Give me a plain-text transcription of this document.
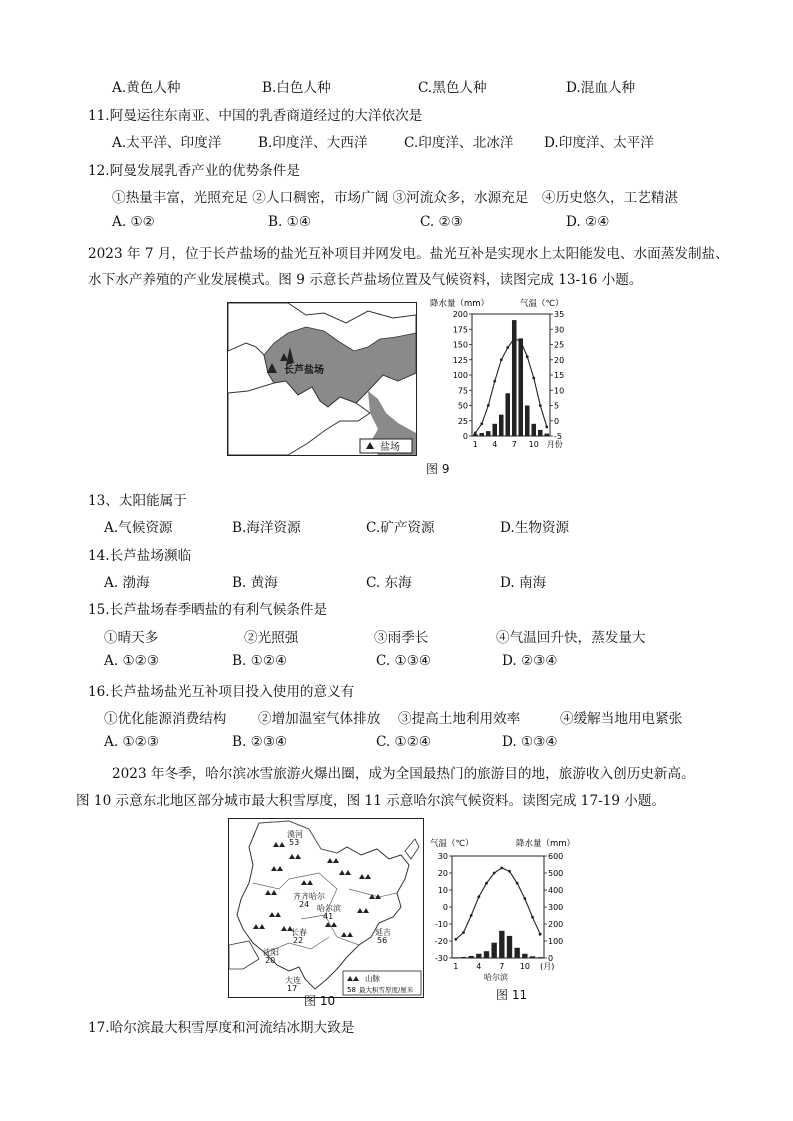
A.黄色人种	B.白色人种	C.黑色人种	D.混血人种
11.阿曼运往东南亚、中国的乳香商道经过的大洋依次是
A.太平洋、印度洋	B.印度洋、大西洋	C.印度洋、北冰洋 D.印度洋、太平洋
12.阿曼发展乳香产业的优势条件是
①热量丰富，光照充足 ②人口稠密，市场广阔 ③河流众多，水源充足　④历史悠久，工艺精湛
A. ①②	B. ①④	C. ②③	D. ②④
2023 年 7 月，位于长芦盐场的盐光互补项目并网发电。盐光互补是实现水上太阳能发电、水面蒸发制盐、
水下水产养殖的产业发展模式。图 9 示意长芦盐场位置及气候资料，读图完成 13-16 小题。
长芦盐场
盐场
降水量（mm）	气温（℃）
0
25
50
75
100
125
150
175
200
-5
0
5
10
15
20
25
30
35
1 4 7 10 月份
图 9
13、太阳能属于
A.气候资源	B.海洋资源	C.矿产资源	D.生物资源
14.长芦盐场濒临
A. 渤海	B. 黄海	C. 东海	D. 南海
15.长芦盐场春季晒盐的有利气候条件是
①晴天多	②光照强	③雨季长	④气温回升快，蒸发量大
A. ①②③	B. ①②④	C. ①③④	D. ②③④
16.长芦盐场盐光互补项目投入使用的意义有
①优化能源消费结构 ②增加温室气体排放 ③提高土地利用效率	④缓解当地用电紧张
A. ①②③	B. ②③④	C. ①②④	D. ①③④
2023 年冬季，哈尔滨冰雪旅游火爆出圈，成为全国最热门的旅游目的地，旅游收入创历史新高。
图 10 示意东北地区部分城市最大积雪厚度，图 11 示意哈尔滨气候资料。读图完成 17-19 小题。
漠河
53
齐齐哈尔
24 哈尔滨
41
长春
22
延吉
56
沈阳
20
大连
17
山脉
58 最大积雪厚度/厘米
图 10
气温（℃）	降水量（mm）
哈尔滨
-30
-20
-10
0
10
20
30
0
100
200
300
400
500
600
1 4 7 10 (月)
图 11
17.哈尔滨最大积雪厚度和河流结冰期大致是
